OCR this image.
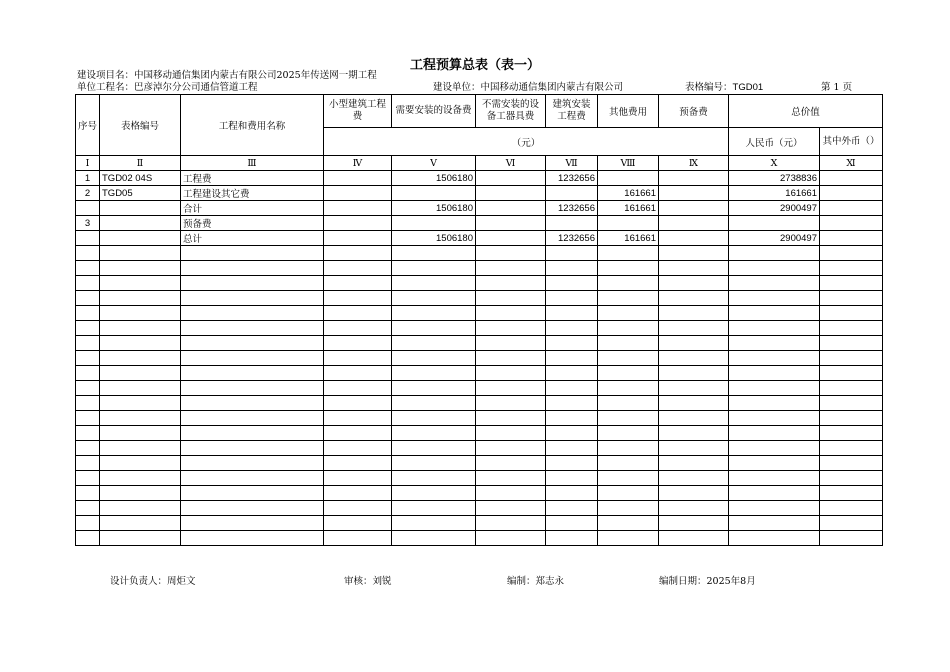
工程预算总表（表一）
建设项目名：中国移动通信集团内蒙古有限公司2025年传送网一期工程
单位工程名：巴彦淖尔分公司通信管道工程	建设单位：中国移动通信集团内蒙古有限公司	表格编号：TGD01	第 1 页
序号	表格编号	工程和费用名称	小型建筑工程费	需要安装的设备费	不需安装的设备工器具费	建筑安装工程费	其他费用	预备费	总价值	
			（元）						人民币（元）	其中外币（）
Ⅰ	Ⅱ	Ⅲ	Ⅳ	Ⅴ	Ⅵ	Ⅶ	Ⅷ	Ⅸ	Ⅹ	Ⅺ
1	TGD02 04S	工程费		1506180		1232656			2738836	
2	TGD05	工程建设其它费					161661		161661	
		合计		1506180		1232656	161661		2900497	
3		预备费								
		总计		1506180		1232656	161661		2900497	

设计负责人：周炬文	审核：刘锐	编制：郑志永	编制日期：2025年8月
